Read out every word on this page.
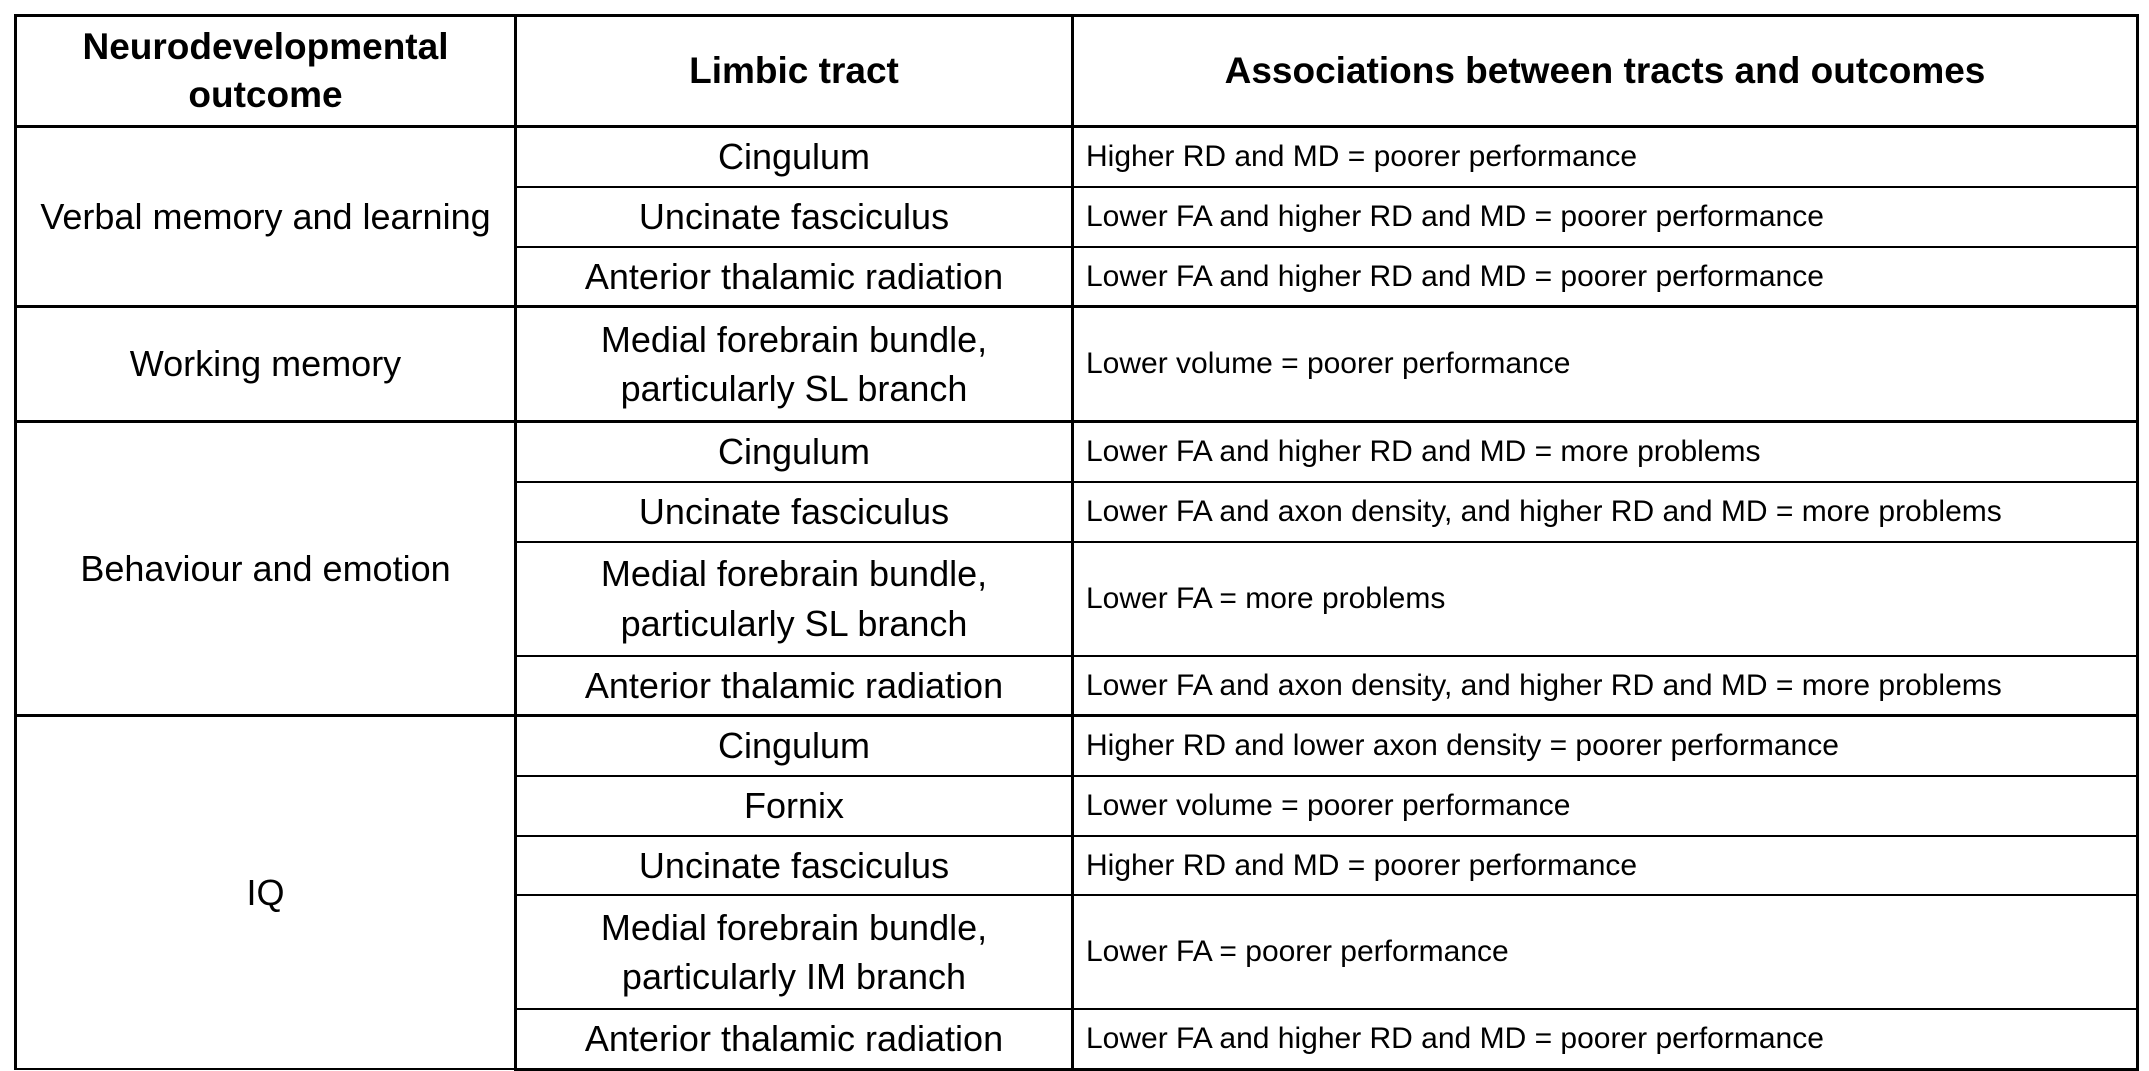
Neurodevelopmental outcome	Limbic tract	Associations between tracts and outcomes
Verbal memory and learning	Cingulum	Higher RD and MD = poorer performance
	Uncinate fasciculus	Lower FA and higher RD and MD = poorer performance
	Anterior thalamic radiation	Lower FA and higher RD and MD = poorer performance
Working memory	Medial forebrain bundle, particularly SL branch	Lower volume = poorer performance
Behaviour and emotion	Cingulum	Lower FA and higher RD and MD = more problems
	Uncinate fasciculus	Lower FA and axon density, and higher RD and MD = more problems
	Medial forebrain bundle, particularly SL branch	Lower FA = more problems
	Anterior thalamic radiation	Lower FA and axon density, and higher RD and MD = more problems
IQ	Cingulum	Higher RD and lower axon density = poorer performance
	Fornix	Lower volume = poorer performance
	Uncinate fasciculus	Higher RD and MD = poorer performance
	Medial forebrain bundle, particularly IM branch	Lower FA = poorer performance
	Anterior thalamic radiation	Lower FA and higher RD and MD = poorer performance
